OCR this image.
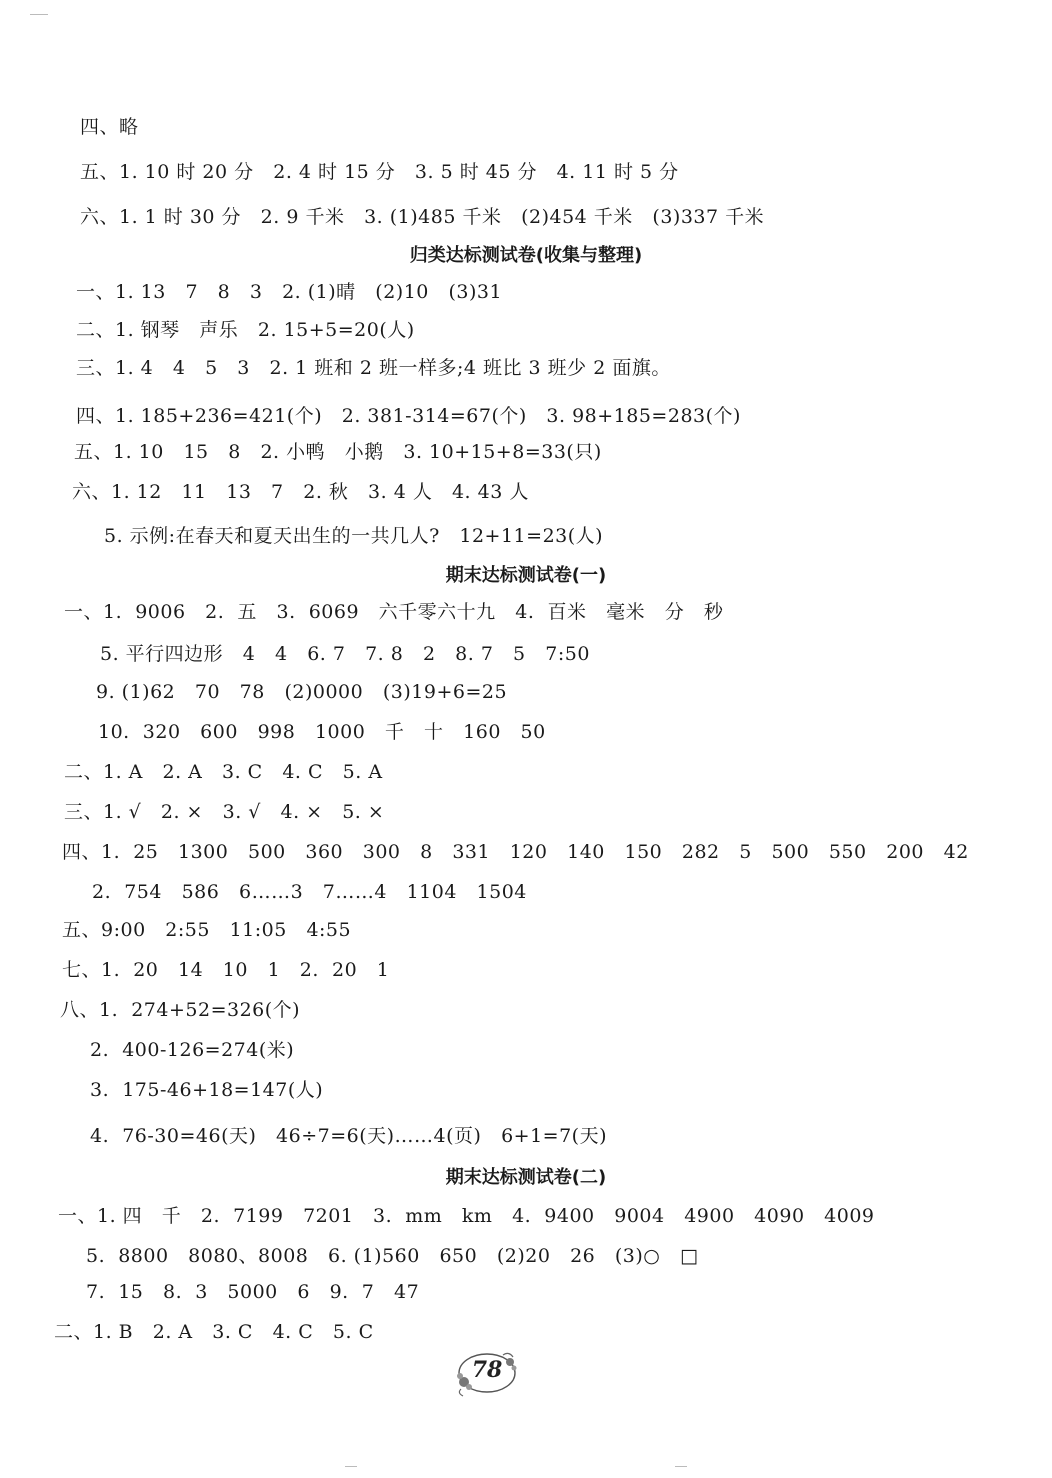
四、略
五、1. 10 时 20 分   2. 4 时 15 分   3. 5 时 45 分   4. 11 时 5 分
六、1. 1 时 30 分   2. 9 千米   3. (1)485 千米   (2)454 千米   (3)337 千米
归类达标测试卷(收集与整理)
一、1. 13   7   8   3   2. (1)晴   (2)10   (3)31
二、1. 钢琴   声乐   2. 15+5=20(人)
三、1. 4   4   5   3   2. 1 班和 2 班一样多;4 班比 3 班少 2 面旗。
四、1. 185+236=421(个)   2. 381-314=67(个)   3. 98+185=283(个)
五、1. 10   15   8   2. 小鸭   小鹅   3. 10+15+8=33(只)
六、1. 12   11   13   7   2. 秋   3. 4 人   4. 43 人
5. 示例:在春天和夏天出生的一共几人?   12+11=23(人)
期末达标测试卷(一)
一、1.  9006   2.  五   3.  6069   六千零六十九   4.  百米   毫米   分   秒
5. 平行四边形   4   4   6. 7   7. 8   2   8. 7   5   7:50
9. (1)62   70   78   (2)0000   (3)19+6=25
10.  320   600   998   1000   千   十   160   50
二、1. A   2. A   3. C   4. C   5. A
三、1. √   2. ×   3. √   4. ×   5. ×
四、1.  25   1300   500   360   300   8   331   120   140   150   282   5   500   550   200   42
2.  754   586   6……3   7……4   1104   1504
五、9:00   2:55   11:05   4:55
七、1.  20   14   10   1   2.  20   1
八、1.  274+52=326(个)
2.  400-126=274(米)
3.  175-46+18=147(人)
4.  76-30=46(天)   46÷7=6(天)……4(页)   6+1=7(天)
期末达标测试卷(二)
一、1. 四   千   2.  7199   7201   3.  mm   km   4.  9400   9004   4900   4090   4009
5.  8800   8080、8008   6. (1)560   650   (2)20   26   (3)○   □
7.  15   8.  3   5000   6   9.  7   47
二、1. B   2. A   3. C   4. C   5. C
78
